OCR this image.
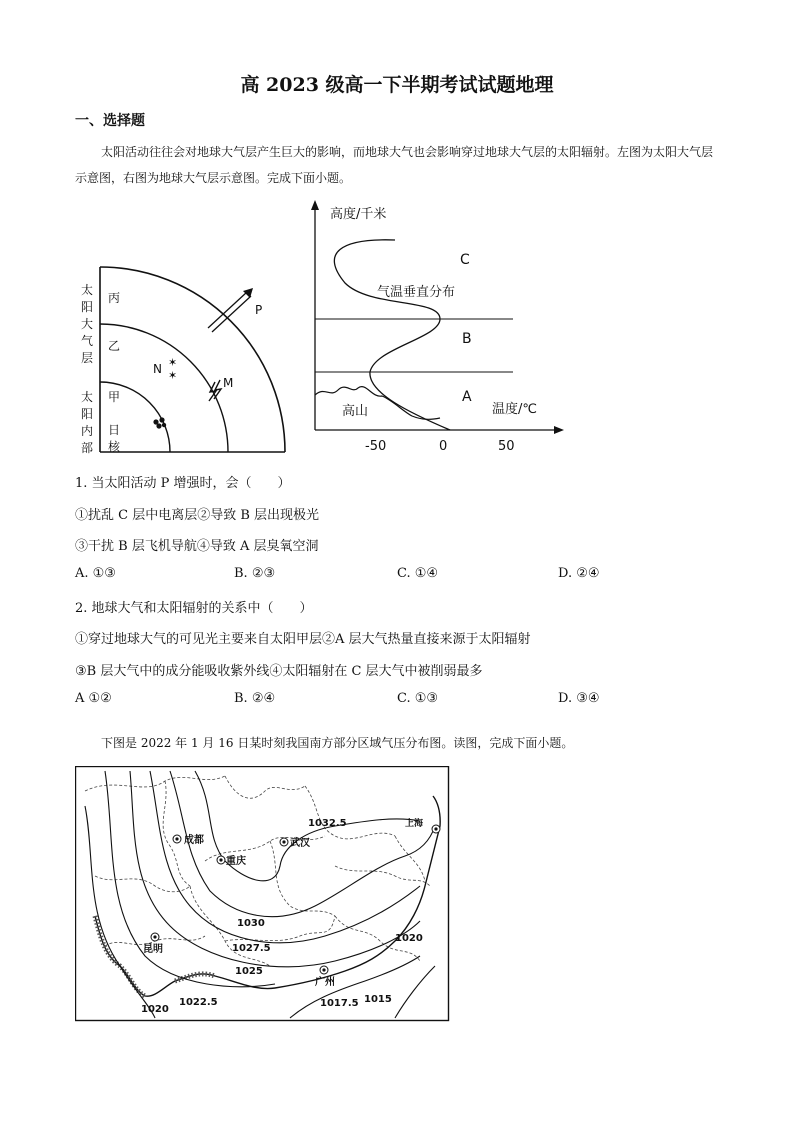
高 2023 级高一下半期考试试题地理
一、选择题
太阳活动往往会对地球大气层产生巨大的影响，而地球大气也会影响穿过地球大气层的太阳辐射。左图为太阳大气层示意图，右图为地球大气层示意图。完成下面小题。
太
阳
大
气
层
太
阳
内
部
丙
乙
甲
日
核
✶
✶
N
P
M
高度/千米
高山
气温垂直分布
C
B
A
温度/℃
-50	0	50
1. 当太阳活动 P 增强时，会（　　）
①扰乱 C 层中电离层②导致 B 层出现极光
③干扰 B 层飞机导航④导致 A 层臭氧空洞
A. ①③	B. ②③	C. ①④	D. ②④
2. 地球大气和太阳辐射的关系中（　　）
①穿过地球大气的可见光主要来自太阳甲层②A 层大气热量直接来源于太阳辐射
③B 层大气中的成分能吸收紫外线④太阳辐射在 C 层大气中被削弱最多
A ①②	B. ②④	C. ①③	D. ③④
下图是 2022 年 1 月 16 日某时刻我国南方部分区域气压分布图。读图，完成下面小题。
1032.5
1030
1027.5
1025
1022.5
1020
1020
1017.5 1015
成都
重庆
武汉
上海
昆明
广州
